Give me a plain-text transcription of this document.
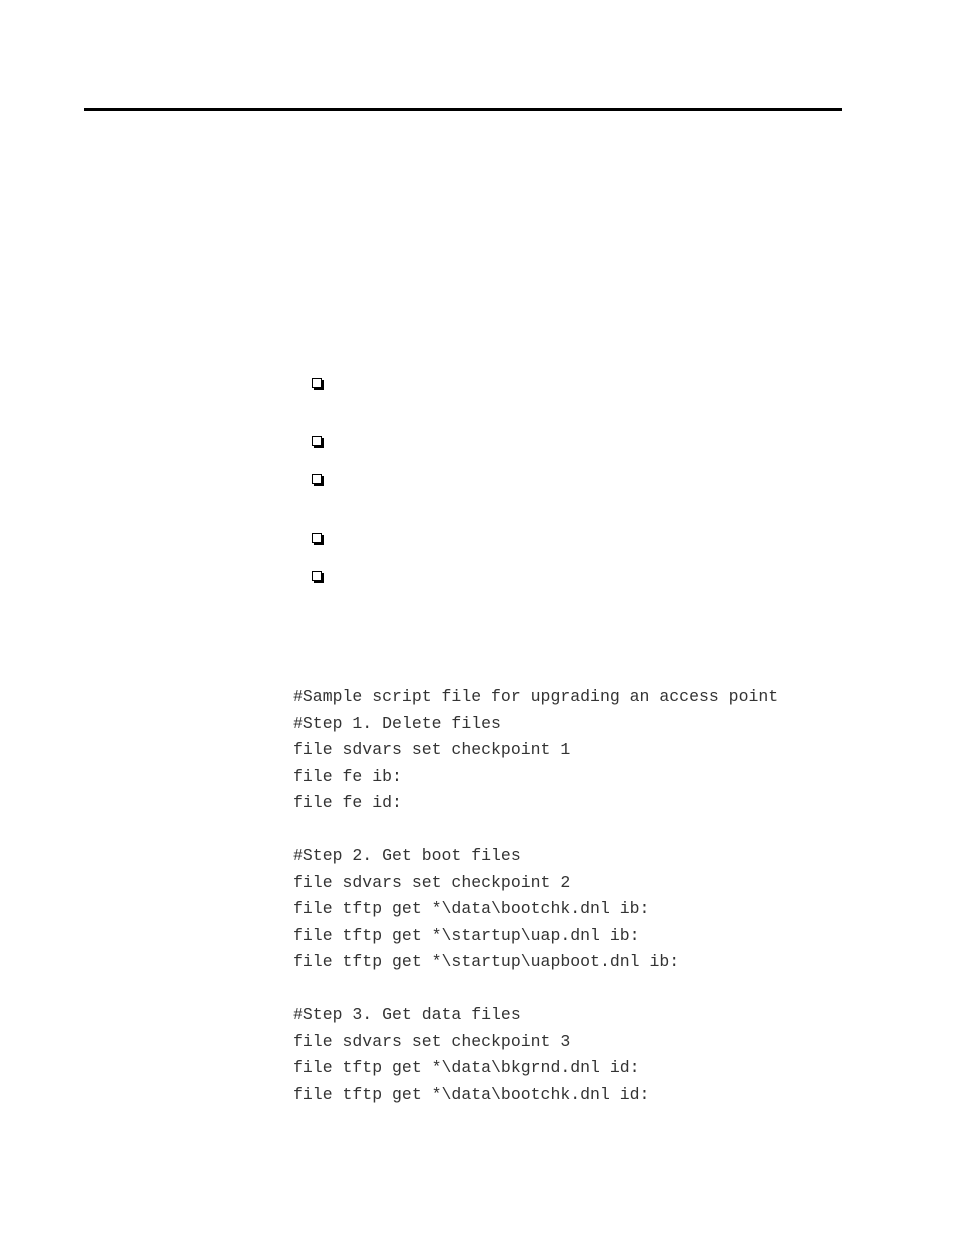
#Sample script file for upgrading an access point
#Step 1. Delete files
file sdvars set checkpoint 1
file fe ib:
file fe id:
#Step 2. Get boot files
file sdvars set checkpoint 2
file tftp get *\data\bootchk.dnl ib:
file tftp get *\startup\uap.dnl ib:
file tftp get *\startup\uapboot.dnl ib:
#Step 3. Get data files
file sdvars set checkpoint 3
file tftp get *\data\bkgrnd.dnl id:
file tftp get *\data\bootchk.dnl id:
